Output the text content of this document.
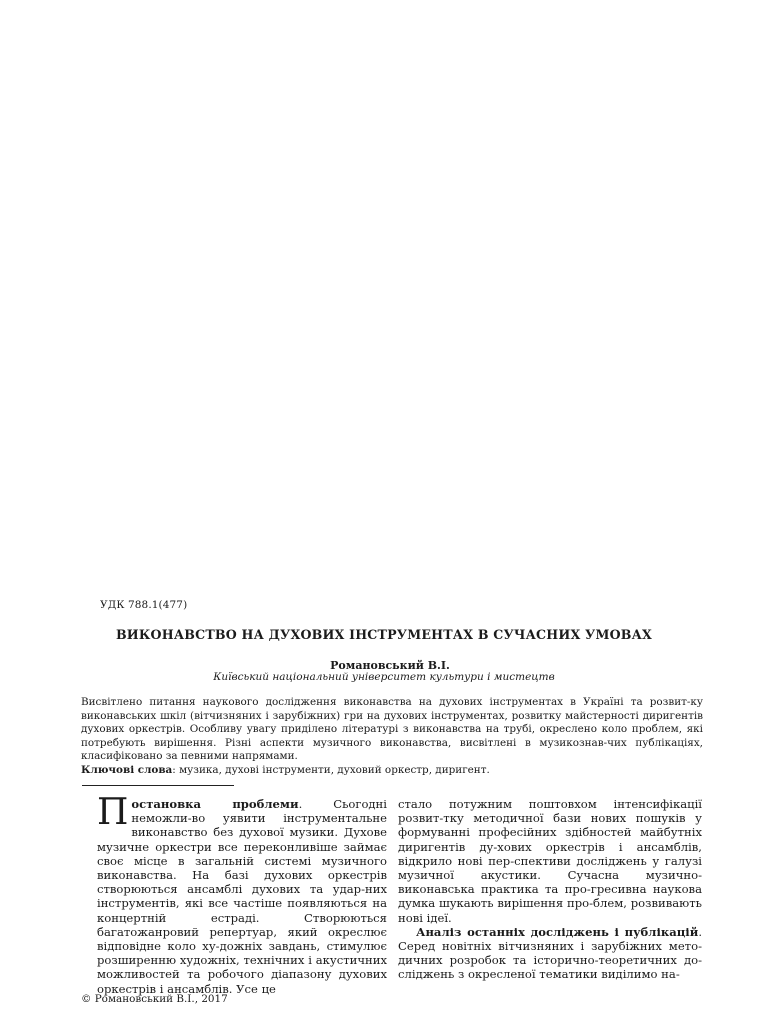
УДК 788.1(477)
ВИКОНАВСТВО НА ДУХОВИХ ІНСТРУМЕНТАХ В СУЧАСНИХ УМОВАХ
Романовський В.І.
Київський національний університет культури і мистецтв

Висвітлено питання наукового дослідження виконавства на духових інструментах в Україні та розвит-ку виконавських шкіл (вітчизняних і зарубіжних) гри на духових інструментах, розвитку майстерності диригентів духових оркестрів. Особливу увагу приділено літературі з виконавства на трубі, окреслено коло проблем, які потребують вирішення. Різні аспекти музичного виконавства, висвітлені в музикознав-чих публікаціях, класифіковано за певними напрямами.

Ключові слова: музика, духові інструменти, духовий оркестр, диригент.

Постановка проблеми. Сьогодні неможли-во уявити інструментальне виконавство без духової музики. Духове музичне оркестри все переконливіше займає своє місце в загальній системі музичного виконавства. На базі духових оркестрів створюються ансамблі духових та удар-них інструментів, які все частіше появляються на концертній естраді. Створюються багатожанровий репертуар, який окреслює відповідне коло ху-дожніх завдань, стимулює розширенню художніх, технічних і акустичних можливостей та робочого діапазону духових оркестрів і ансамблів. Усе це

стало потужним поштовхом інтенсифікації розвит-тку методичної бази нових пошуків у формуванні професійних здібностей майбутніх диригентів ду-хових оркестрів і ансамблів, відкрило нові пер-спективи досліджень у галузі музичної акустики. Сучасна музично-виконавська практика та про-гресивна наукова думка шукають вирішення про-блем, розвивають нові ідеї.

Аналіз останніх досліджень і публікацій. Серед новітніх вітчизняних і зарубіжних мето-дичних розробок та історично-теоретичних до-сліджень з окресленої тематики виділимо на-

© Романовський В.І., 2017
